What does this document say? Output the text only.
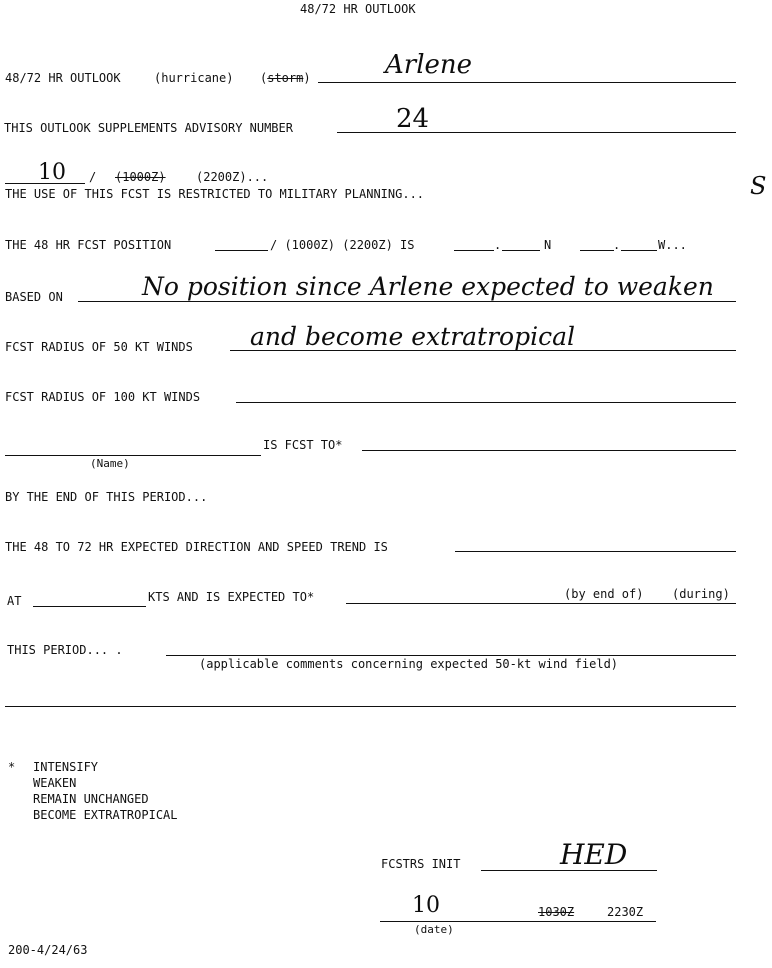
48/72 HR OUTLOOK
48/72 HR OUTLOOK	(hurricane) (storm)	Arlene
THIS OUTLOOK SUPPLEMENTS ADVISORY NUMBER	24
10 / (1000Z)	(2200Z)...
THE USE OF THIS FCST IS RESTRICTED TO MILITARY PLANNING...	S
THE 48 HR FCST POSITION	/ (1000Z) (2200Z) IS	.	N	.	W...
BASED ON	No position since Arlene expected to weaken
FCST RADIUS OF 50 KT WINDS and become extratropical
FCST RADIUS OF 100 KT WINDS
IS FCST TO*
(Name)
BY THE END OF THIS PERIOD...
THE 48 TO 72 HR EXPECTED DIRECTION AND SPEED TREND IS
AT	KTS AND IS EXPECTED TO*	(by end of) (during)
THIS PERIOD... .
(applicable comments concerning expected 50-kt wind field)
* INTENSIFY
WEAKEN
REMAIN UNCHANGED
BECOME EXTRATROPICAL
FCSTRS INIT	HED
10	1030Z	2230Z
(date)
200-4/24/63
